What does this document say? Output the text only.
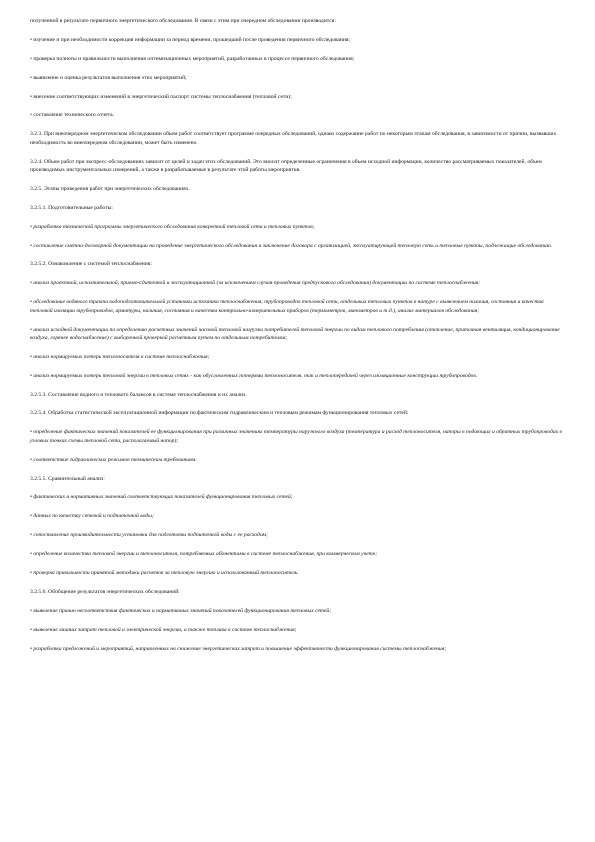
полученной в результате первичного энергетического обследования. В связи с этим при очередном обследовании производится:

• изучение и при необходимости коррекция информации за период времени, прошедший после проведения первичного обследования;

• проверка полноты и правильности выполнения оптимизационных мероприятий, разработанных в процессе первичного обследования;

• выявление и оценка результатов выполнения этих мероприятий;

• внесение соответствующих изменений в энергетический паспорт системы теплоснабжения (тепловой сети);

• составление технического отчета.

3.2.3. При внеочередном энергетическом обследовании объем работ соответствует программе очередных обследований, однако содержание работ по некоторым этапам обследования, в зависимости от причин, вызвавших необходимость во внеочередном обследовании, может быть изменено.

3.2.4. Объем работ при экспресс-обследованиях зависит от целей и задач этих обследований. Это вносит определенные ограничения в объем исходной информации, количество рассматриваемых показателей, объем производимых инструментальных измерений, а также в разрабатываемые в результате этой работы мероприятия.

3.2.5. Этапы проведения работ при энергетических обследованиях.

3.2.5.1. Подготовительные работы:

• разработка технической программы энергетического обследования конкретной тепловой сети и тепловых пунктов;

• составление сметно-договорной документации на проведение энергетического обследования и заключение договора с организацией, эксплуатирующей тепловую сеть и тепловые пункты, подлежащие обследованию.

3.2.5.2. Ознакомление с системой теплоснабжения:

• анализ проектной, исполнительной, приемо-сдаточной и эксплуатационной (за исключением случая проведения предпускового обследования) документации по системе теплоснабжения;

• обследование водяного тракта водоподготовительной установки источника теплоснабжения, трубопроводов тепловой сети, отдельных тепловых пунктов в натуре с выявлением наличия, состояния и качества тепловой изоляции трубопроводов, арматуры, наличия, состояния и качества контрольно-измерительных приборов (термометров, манометров и т.д.), анализ материалов обследования;

• анализ исходной документации по определению расчетных значений часовой тепловой нагрузки потребителей тепловой энергии по видам теплового потребления (отопление, приточная вентиляция, кондиционирование воздуха, горячее водоснабжение) с выборочной проверкой расчетным путем по отдельным потребителям;

• анализ нормируемых потерь теплоносителя в системе теплоснабжения;

• анализ нормируемых потерь тепловой энергии в тепловых сетях - как обусловленных потерями теплоносителя, так и теплопередачей через изоляционные конструкции трубопроводов.

3.2.5.3. Составление водного и теплового балансов в системе теплоснабжения и их анализ.

3.2.5.4. Обработка статистической эксплуатационной информации по фактическим гидравлическим и тепловым режимам функционирования тепловых сетей:

• определение фактических значений показателей ее функционирования при различных значениях температуры наружного воздуха (температура и расход теплоносителя, напоры в подающих и обратных трубопроводах в узловых точках схемы тепловой сети, располагаемый напор);

• соответствие гидравлических режимов техническим требованиям.

3.2.5.5. Сравнительный анализ:

• фактических и нормативных значений соответствующих показателей функционирования тепловых сетей;

• данных по качеству сетевой и подпиточной воды;

• сопоставление производительности установки для подготовки подпиточной воды с ее расходом;

• определение количества тепловой энергии и теплоносителя, потребляемых абонентами в системе теплоснабжения, при коммерческом учете;

• проверка правильности принятой методики расчетов за тепловую энергию и использованный теплоноситель.

3.2.5.6. Обобщение результатов энергетических обследований:

• выявление причин несоответствия фактических и нормативных значений показателей функционирования тепловых сетей;

• выявление лишних затрат тепловой и электрической энергии, а также топлива в системе теплоснабжения;

• разработка предложений и мероприятий, направленных на снижение энергетических затрат и повышение эффективности функционирования системы теплоснабжения;
